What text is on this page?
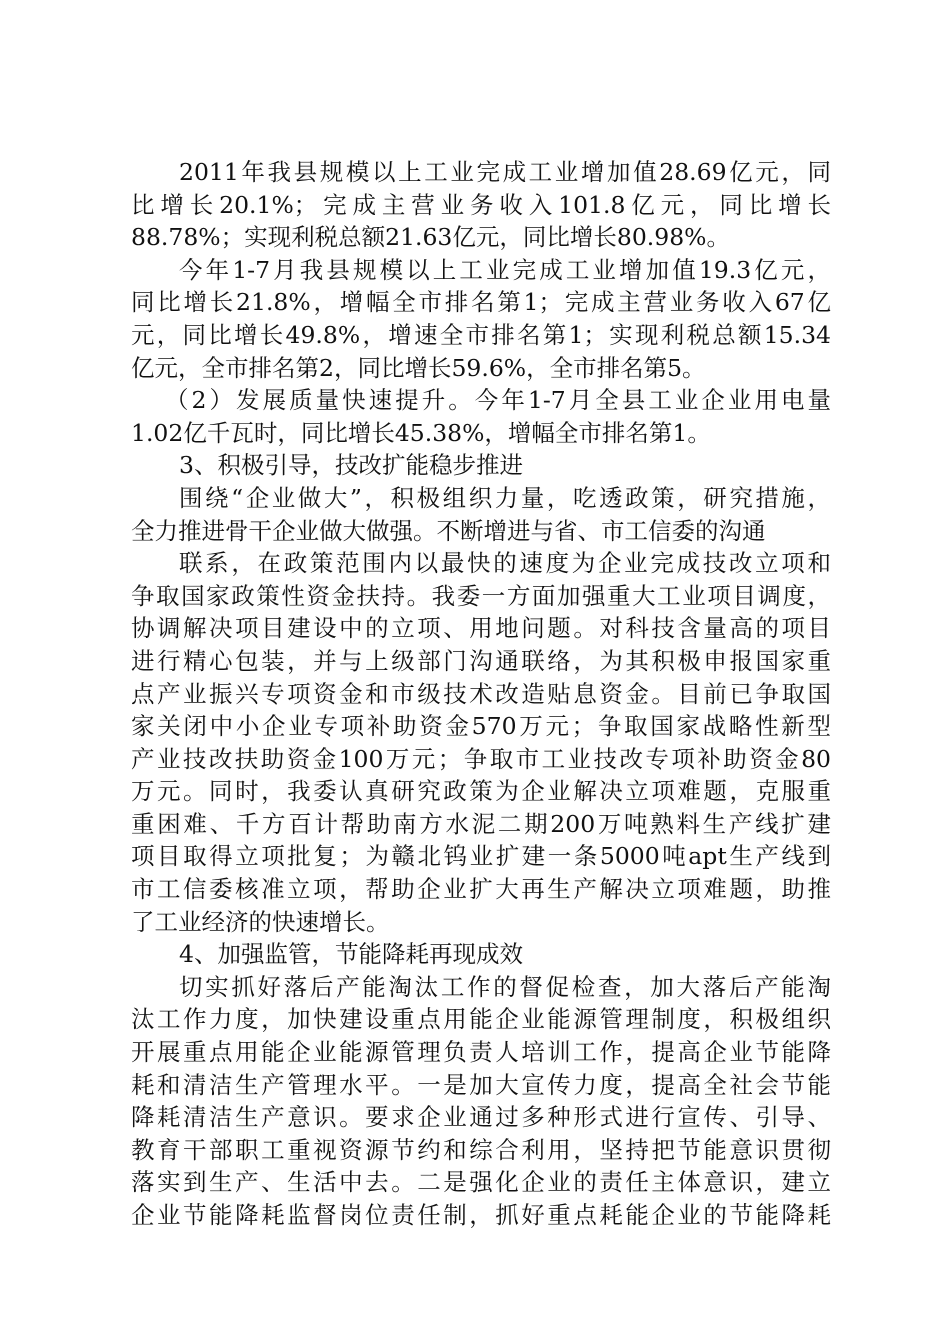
2011年我县规模以上工业完成工业增加值28.69亿元，同
比增长20.1%；完成主营业务收入101.8亿元，同比增长
88.78%；实现利税总额21.63亿元，同比增长80.98%。
今年1-7月我县规模以上工业完成工业增加值19.3亿元，
同比增长21.8%，增幅全市排名第1；完成主营业务收入67亿
元，同比增长49.8%，增速全市排名第1；实现利税总额15.34
亿元，全市排名第2，同比增长59.6%，全市排名第5。
（2）发展质量快速提升。今年1-7月全县工业企业用电量
1.02亿千瓦时，同比增长45.38%，增幅全市排名第1。
3、积极引导，技改扩能稳步推进
围绕“企业做大”，积极组织力量，吃透政策，研究措施，
全力推进骨干企业做大做强。不断增进与省、市工信委的沟通
联系，在政策范围内以最快的速度为企业完成技改立项和
争取国家政策性资金扶持。我委一方面加强重大工业项目调度，
协调解决项目建设中的立项、用地问题。对科技含量高的项目
进行精心包装，并与上级部门沟通联络，为其积极申报国家重
点产业振兴专项资金和市级技术改造贴息资金。目前已争取国
家关闭中小企业专项补助资金570万元；争取国家战略性新型
产业技改扶助资金100万元；争取市工业技改专项补助资金80
万元。同时，我委认真研究政策为企业解决立项难题，克服重
重困难、千方百计帮助南方水泥二期200万吨熟料生产线扩建
项目取得立项批复；为赣北钨业扩建一条5000吨apt生产线到
市工信委核准立项，帮助企业扩大再生产解决立项难题，助推
了工业经济的快速增长。
4、加强监管，节能降耗再现成效
切实抓好落后产能淘汰工作的督促检查，加大落后产能淘
汰工作力度，加快建设重点用能企业能源管理制度，积极组织
开展重点用能企业能源管理负责人培训工作，提高企业节能降
耗和清洁生产管理水平。一是加大宣传力度，提高全社会节能
降耗清洁生产意识。要求企业通过多种形式进行宣传、引导、
教育干部职工重视资源节约和综合利用，坚持把节能意识贯彻
落实到生产、生活中去。二是强化企业的责任主体意识，建立
企业节能降耗监督岗位责任制，抓好重点耗能企业的节能降耗
